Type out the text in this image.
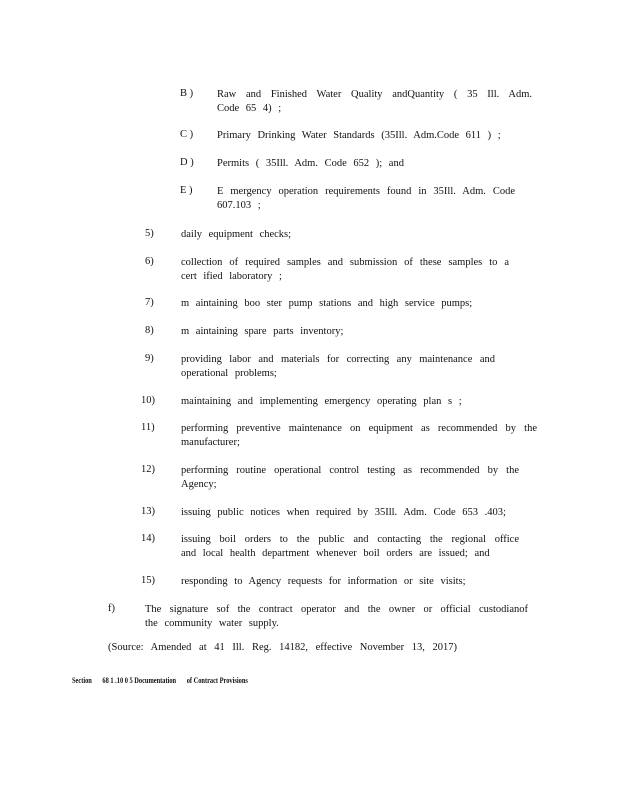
B ) Raw and Finished Water Quality andQuantity ( 35 Ill. Adm. Code 65 4) ;
C ) Primary Drinking Water Standards (35Ill. Adm.Code 611 ) ;
D ) Permits ( 35Ill. Adm. Code 652 ); and
E ) E mergency operation requirements found in 35Ill. Adm. Code 607.103 ;
5)	daily equipment checks;
6)	collection of required samples and submission of these samples to a cert ified laboratory ;
7)	m aintaining boo ster pump stations and high service pumps;
8)	m aintaining spare parts inventory;
9)	providing labor and materials for correcting any maintenance and operational problems;
10) maintaining and implementing emergency operating plan s ;
11)	performing preventive maintenance on equipment as recommended by the manufacturer;
12) performing routine operational control testing as recommended by the Agency;
13) issuing public notices when required by 35Ill. Adm. Code 653 .403;
14) issuing boil orders to the public and contacting the regional office and local health department whenever boil orders are issued; and
15) responding to Agency requests for information or site visits;
f)	The signature sof the contract operator and the owner or official custodianof the community water supply.
(Source: Amended at 41 Ill. Reg. 14182, effective November 13, 2017)
Section 68 1 .10 0 5 Documentation of Contract Provisions
